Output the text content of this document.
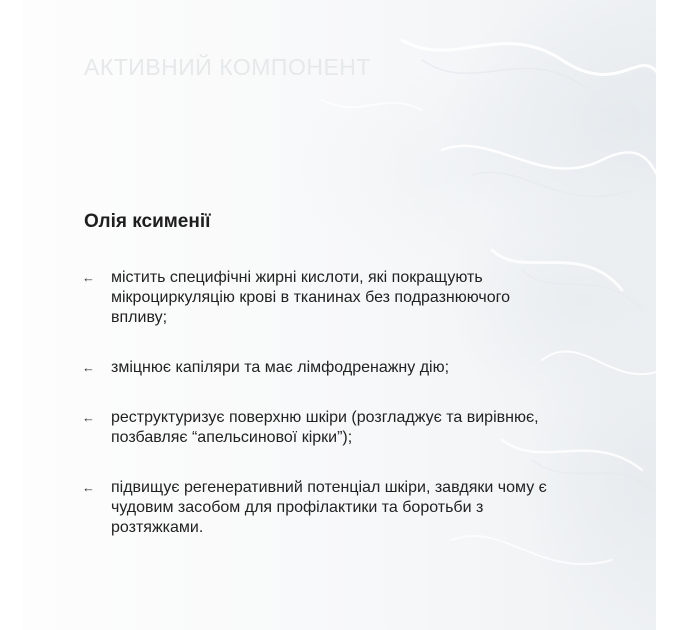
АКТИВНИЙ КОМПОНЕНТ
Олія ксименії
← містить специфічні жирні кислоти, які покращують мікроциркуляцію крові в тканинах без подразнюючого впливу;
← зміцнює капіляри та має лімфодренажну дію;
← реструктуризує поверхню шкіри (розгладжує та вирівнює, позбавляє “апельсинової кірки”);
← підвищує регенеративний потенціал шкіри, завдяки чому є чудовим засобом для профілактики та боротьби з розтяжками.
